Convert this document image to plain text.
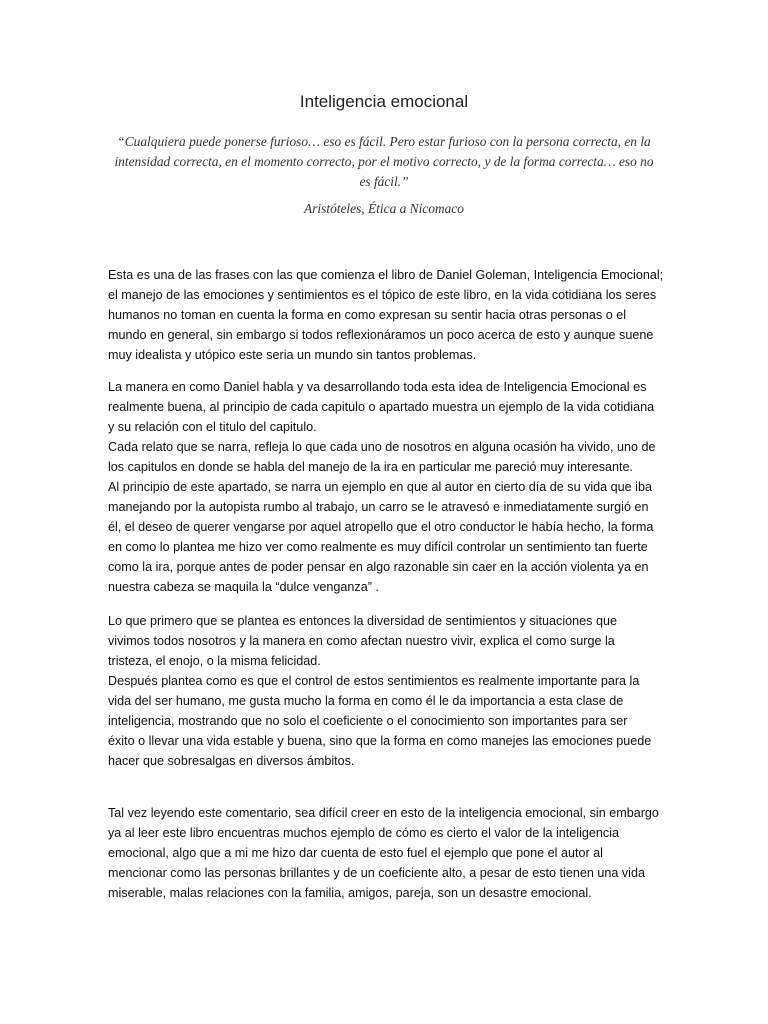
Inteligencia emocional

“Cualquiera puede ponerse furioso… eso es fácil. Pero estar furioso con la persona correcta, en la intensidad correcta, en el momento correcto, por el motivo correcto, y de la forma correcta… eso no es fácil.”

Aristóteles, Ética a Nicomaco

Esta es una de las frases con las que comienza el libro de Daniel Goleman, Inteligencia Emocional;
el manejo de las emociones y sentimientos es el tópico de este libro, en la vida cotidiana los seres
humanos no toman en cuenta la forma en como expresan su sentir hacia otras personas o el
mundo en general, sin embargo si todos reflexionáramos un poco acerca de esto y aunque suene
muy idealista y utópico este seria un mundo sin tantos problemas.

La manera en como Daniel habla y va desarrollando toda esta idea de Inteligencia Emocional es
realmente buena, al principio de cada capitulo o apartado muestra un ejemplo de la vida cotidiana
y su relación con el titulo del capitulo.
Cada relato que se narra, refleja lo que cada uno de nosotros en alguna ocasión ha vivido, uno de
los capitulos en donde se habla del manejo de la ira en particular me pareció muy interesante.
Al principio de este apartado, se narra un ejemplo en que al autor en cierto día de su vida que iba
manejando por la autopista rumbo al trabajo, un carro se le atravesó e inmediatamente surgió en
él, el deseo de querer vengarse por aquel atropello que el otro conductor le había hecho, la forma
en como lo plantea me hizo ver como realmente es muy difícil controlar un sentimiento tan fuerte
como la ira, porque antes de poder pensar en algo razonable sin caer en la acción violenta ya en
nuestra cabeza se maquila la “dulce venganza” .

Lo que primero que se plantea es entonces la diversidad de sentimientos y situaciones que
vivimos todos nosotros y la manera en como afectan nuestro vivir, explica el como surge la
tristeza, el enojo, o la misma felicidad.
Después plantea como es que el control de estos sentimientos es realmente importante para la
vida del ser humano, me gusta mucho la forma en como él le da importancia a esta clase de
inteligencia, mostrando que no solo el coeficiente o el conocimiento son importantes para ser
éxito o llevar una vida estable y buena, sino que la forma en como manejes las emociones puede
hacer que sobresalgas en diversos ámbitos.

Tal vez leyendo este comentario, sea difícil creer en esto de la inteligencia emocional, sin embargo
ya al leer este libro encuentras muchos ejemplo de cómo es cierto el valor de la inteligencia
emocional, algo que a mi me hizo dar cuenta de esto fuel el ejemplo que pone el autor al
mencionar como las personas brillantes y de un coeficiente alto, a pesar de esto tienen una vida
miserable, malas relaciones con la familia, amigos, pareja, son un desastre emocional.
